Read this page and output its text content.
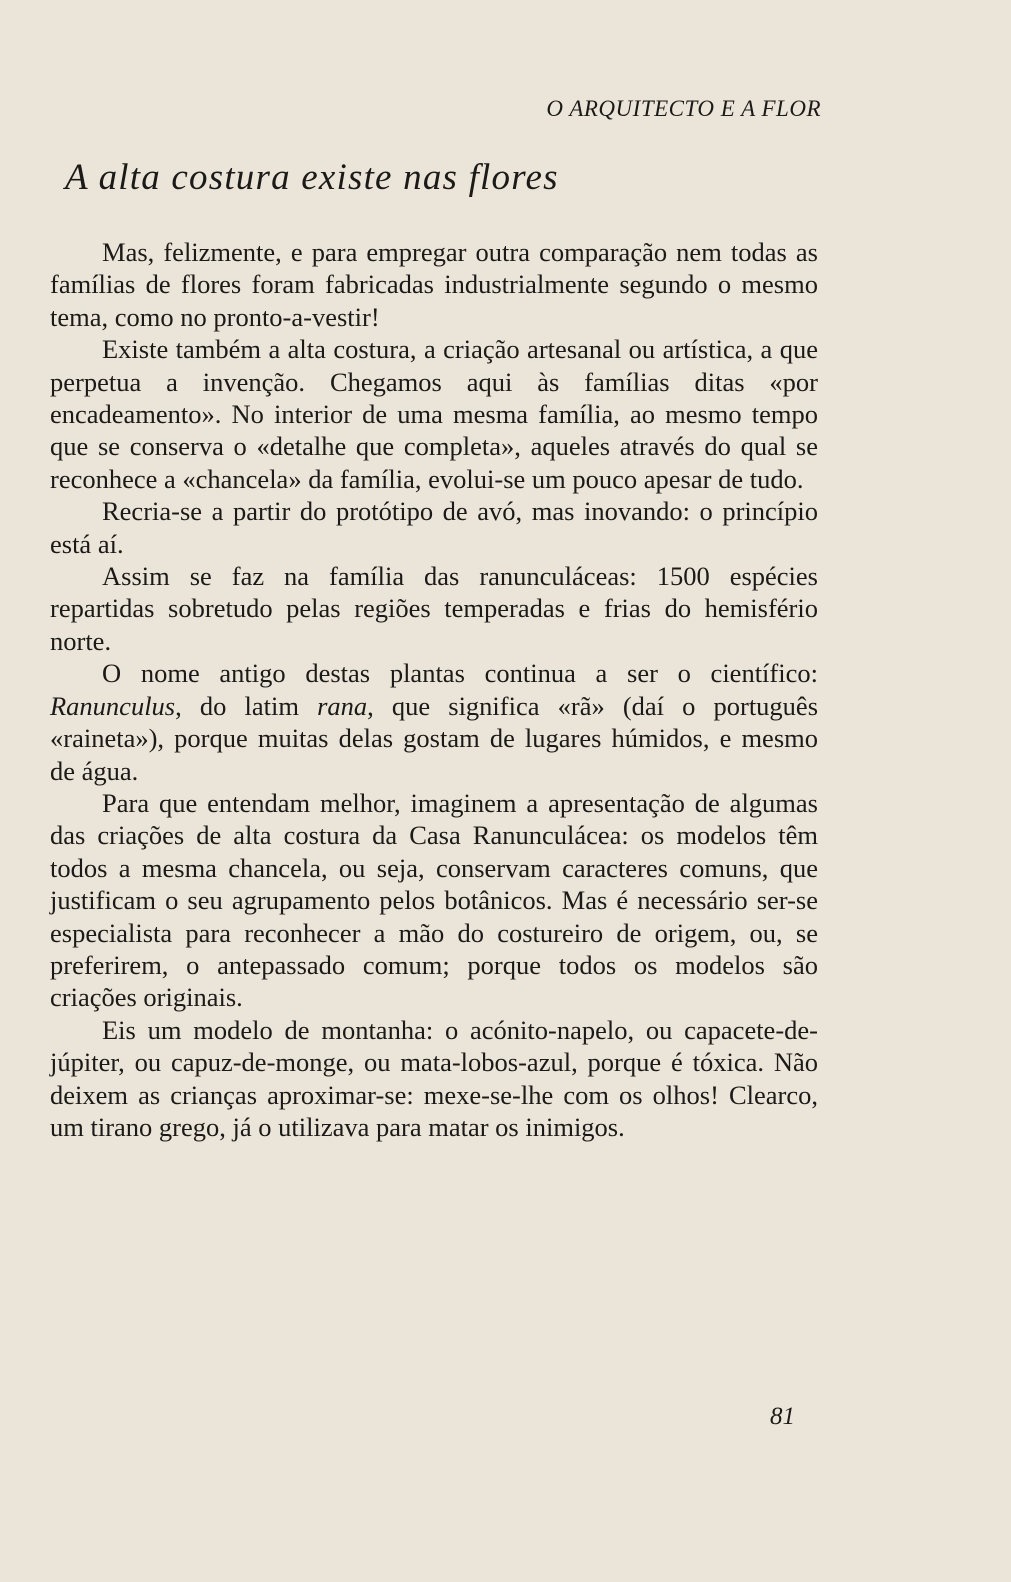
O ARQUITECTO E A FLOR
A alta costura existe nas flores

Mas, felizmente, e para empregar outra comparação nem todas as famílias de flores foram fabricadas industrialmente segundo o mesmo tema, como no pronto-a-vestir!

Existe também a alta costura, a criação artesanal ou artística, a que perpetua a invenção. Chegamos aqui às famílias ditas «por encadeamento». No interior de uma mesma família, ao mesmo tempo que se conserva o «detalhe que completa», aqueles através do qual se reconhece a «chancela» da família, evolui-se um pouco apesar de tudo.

Recria-se a partir do protótipo de avó, mas inovando: o princípio está aí.

Assim se faz na família das ranunculáceas: 1500 espécies repartidas sobretudo pelas regiões temperadas e frias do hemisfério norte.

O nome antigo destas plantas continua a ser o científico: Ranunculus, do latim rana, que significa «rã» (daí o português «raineta»), porque muitas delas gostam de lugares húmidos, e mesmo de água.

Para que entendam melhor, imaginem a apresentação de algumas das criações de alta costura da Casa Ranunculácea: os modelos têm todos a mesma chancela, ou seja, conservam caracteres comuns, que justificam o seu agrupamento pelos botânicos. Mas é necessário ser-se especialista para reconhecer a mão do costureiro de origem, ou, se preferirem, o antepassado comum; porque todos os modelos são criações originais.

Eis um modelo de montanha: o acónito-napelo, ou capacete-de-júpiter, ou capuz-de-monge, ou mata-lobos-azul, porque é tóxica. Não deixem as crianças aproximar-se: mexe-se-lhe com os olhos! Clearco, um tirano grego, já o utilizava para matar os inimigos.

81
